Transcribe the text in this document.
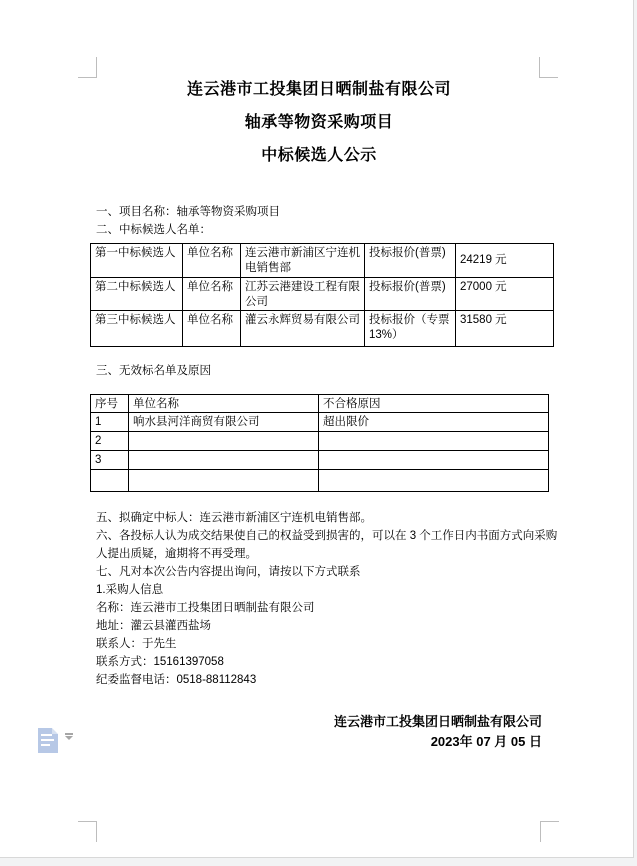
连云港市工投集团日晒制盐有限公司
轴承等物资采购项目
中标候选人公示
一、项目名称：轴承等物资采购项目
二、中标候选人名单：
第一中标候选人	单位名称	连云港市新浦区宁连机电销售部	投标报价(普票)	24219 元
第二中标候选人	单位名称	江苏云港建设工程有限公司	投标报价(普票)	27000 元
第三中标候选人	单位名称	灌云永辉贸易有限公司	投标报价（专票 13%）	31580 元
三、无效标名单及原因
序号	单位名称	不合格原因
1	响水县河洋商贸有限公司	超出限价
2		
3		

五、拟确定中标人：连云港市新浦区宁连机电销售部。
六、各投标人认为成交结果使自己的权益受到损害的，可以在 3 个工作日内书面方式向采购
人提出质疑，逾期将不再受理。
七、凡对本次公告内容提出询问，请按以下方式联系
1.采购人信息
名称：连云港市工投集团日晒制盐有限公司
地址：灌云县灌西盐场
联系人：于先生
联系方式：15161397058
纪委监督电话：0518-88112843
连云港市工投集团日晒制盐有限公司
2023年 07 月 05 日
